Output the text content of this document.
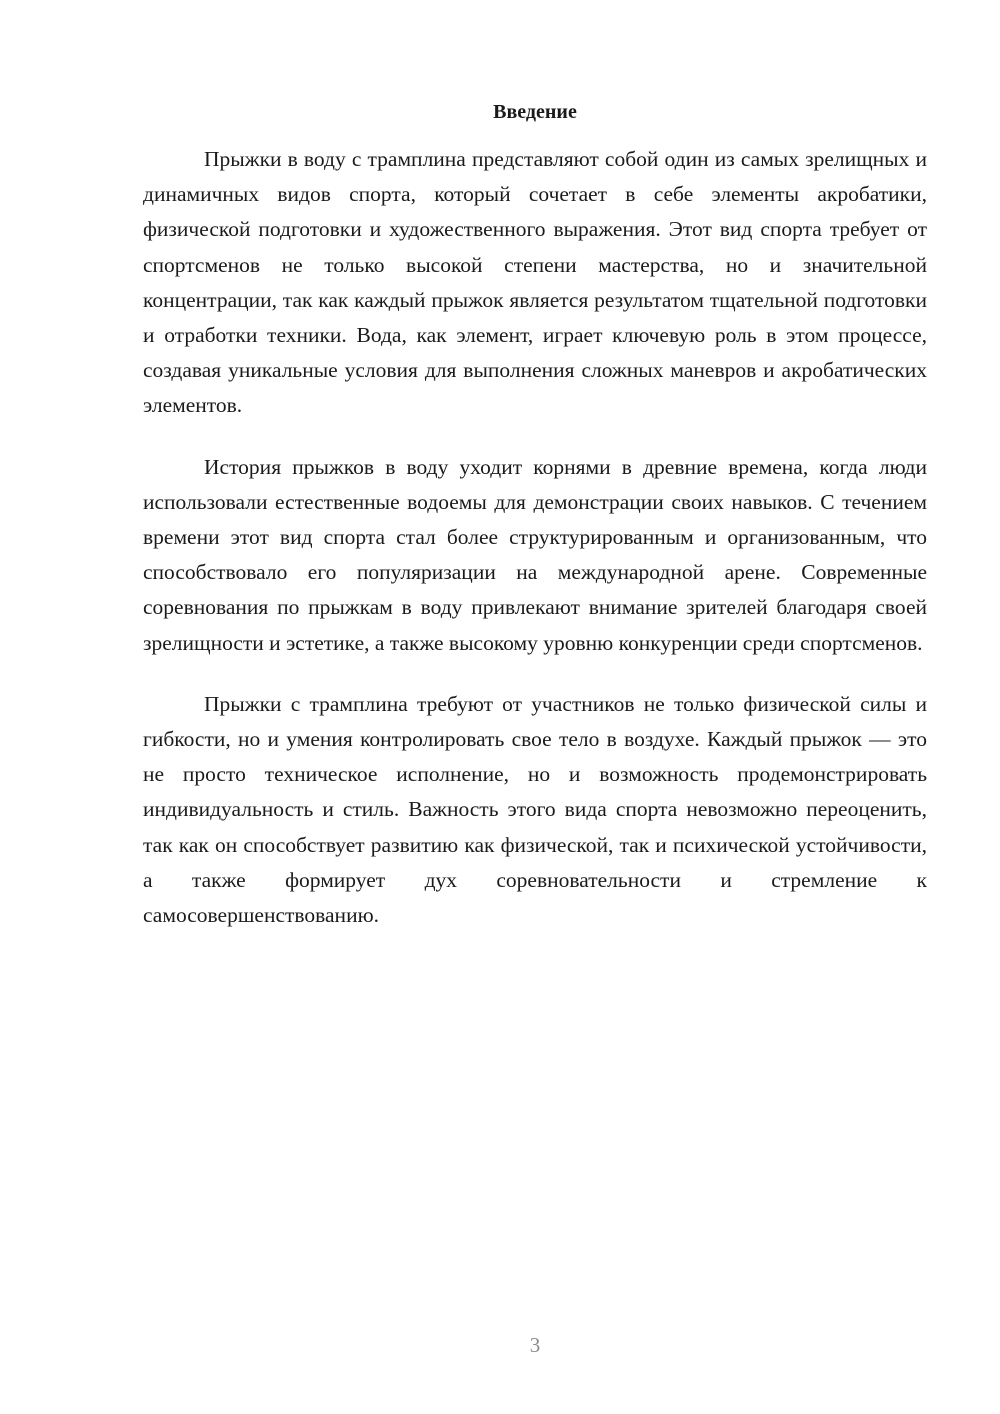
Введение

Прыжки в воду с трамплина представляют собой один из самых зрелищных и динамичных видов спорта, который сочетает в себе элементы акробатики, физической подготовки и художественного выражения. Этот вид спорта требует от спортсменов не только высокой степени мастерства, но и значительной концентрации, так как каждый прыжок является результатом тщательной подготовки и отработки техники. Вода, как элемент, играет ключевую роль в этом процессе, создавая уникальные условия для выполнения сложных маневров и акробатических элементов.

История прыжков в воду уходит корнями в древние времена, когда люди использовали естественные водоемы для демонстрации своих навыков. С течением времени этот вид спорта стал более структурированным и организованным, что способствовало его популяризации на международной арене. Современные соревнования по прыжкам в воду привлекают внимание зрителей благодаря своей зрелищности и эстетике, а также высокому уровню конкуренции среди спортсменов.

Прыжки с трамплина требуют от участников не только физической силы и гибкости, но и умения контролировать свое тело в воздухе. Каждый прыжок — это не просто техническое исполнение, но и возможность продемонстрировать индивидуальность и стиль. Важность этого вида спорта невозможно переоценить, так как он способствует развитию как физической, так и психической устойчивости, а также формирует дух соревновательности и стремление к самосовершенствованию.

3
